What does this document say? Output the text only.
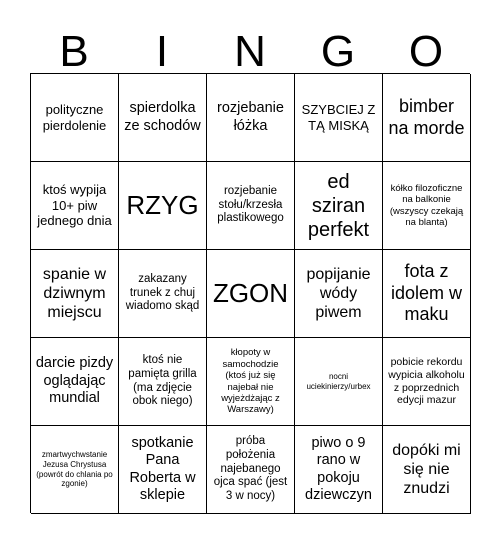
B	I	N	G	O
polityczne pierdolenie
spierdolka ze schodów
rozjebanie łóżka
SZYBCIEJ Z TĄ MISKĄ
bimber na morde
ktoś wypija 10+ piw jednego dnia
RZYG	rozjebanie stołu/krzesła plastikowego
ed sziran perfekt
kółko filozoficzne na balkonie (wszyscy czekają na blanta)
spanie w dziwnym miejscu
zakazany trunek z chuj wiadomo skąd ZGON
popijanie wódy piwem
fota z idolem w maku
darcie pizdy oglądając mundial
ktoś nie pamięta grilla (ma zdjęcie obok niego)
kłopoty w samochodzie (ktoś już się najebał nie wyjeżdżając z Warszawy)
nocni uciekinierzy/urbex
pobicie rekordu wypicia alkoholu z poprzednich edycji mazur
zmartwychwstanie Jezusa Chrystusa (powrót do chlania po zgonie)
spotkanie Pana Roberta w sklepie
próba położenia najebanego ojca spać (jest 3 w nocy)
piwo o 9 rano w pokoju dziewczyn
dopóki mi się nie znudzi
